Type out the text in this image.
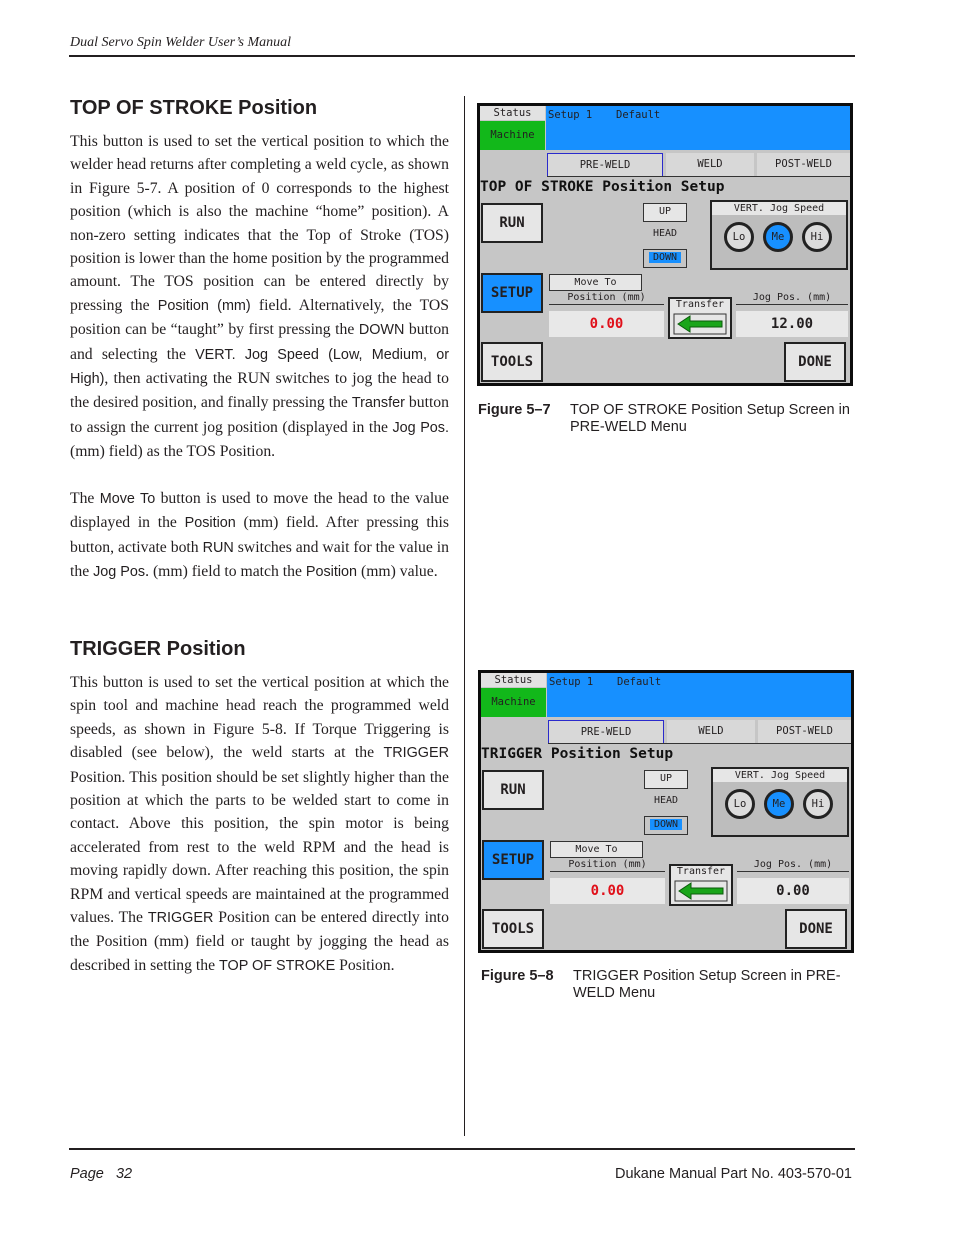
Dual Servo Spin Welder User’s Manual
TOP OF STROKE Position

This button is used to set the vertical position to which the welder head returns after completing a weld cycle, as shown in Figure 5-7. A position of 0 corresponds to the highest position (which is also the machine “home” position). A non-zero setting indicates that the Top of Stroke (TOS) position is lower than the home position by the programmed amount. The TOS position can be entered directly by pressing the Position (mm) field. Alternatively, the TOS position can be “taught” by first pressing the DOWN button and selecting the VERT. Jog Speed (Low, Medium, or High), then activating the RUN switches to jog the head to the desired position, and finally pressing the Transfer button to assign the current jog position (displayed in the Jog Pos. (mm) field) as the TOS Position.

The Move To button is used to move the head to the value displayed in the Position (mm) field. After pressing this button, activate both RUN switches and wait for the value in the Jog Pos. (mm) field to match the Position (mm) value.

TRIGGER Position

This button is used to set the vertical position at which the spin tool and machine head reach the programmed weld speeds, as shown in Figure 5-8. If Torque Triggering is disabled (see below), the weld starts at the TRIGGER Position. This position should be set slightly higher than the position at which the parts to be welded start to come in contact. Above this position, the spin motor is being accelerated from rest to the weld RPM and the head is moving rapidly down. After reaching this position, the spin RPM and vertical speeds are maintained at the programmed values. The TRIGGER Position can be entered directly into the Position (mm) field or taught by jogging the head as described in setting the TOP OF STROKE Position.

Status
Machine
Setup 1 Default
PRE-WELD	WELD	POST-WELD
TOP OF STROKE Position Setup
RUN
SETUP
TOOLS	DONE
UP
HEAD
DOWN
VERT. Jog Speed
Lo	Me	Hi
Move To
Position (mm)
0.00
Transfer
Jog Pos. (mm)
12.00
Figure 5–7 TOP OF STROKE Position Setup Screen in PRE-WELD Menu
Status
Machine
Setup 1 Default
PRE-WELD	WELD	POST-WELD
TRIGGER Position Setup
RUN
SETUP
TOOLS	DONE
UP
HEAD
DOWN
VERT. Jog Speed
Lo	Me	Hi
Move To
Position (mm)
0.00
Transfer
Jog Pos. (mm)
0.00
Figure 5–8 TRIGGER Position Setup Screen in PRE-WELD Menu
Page   32	Dukane Manual Part No. 403-570-01
